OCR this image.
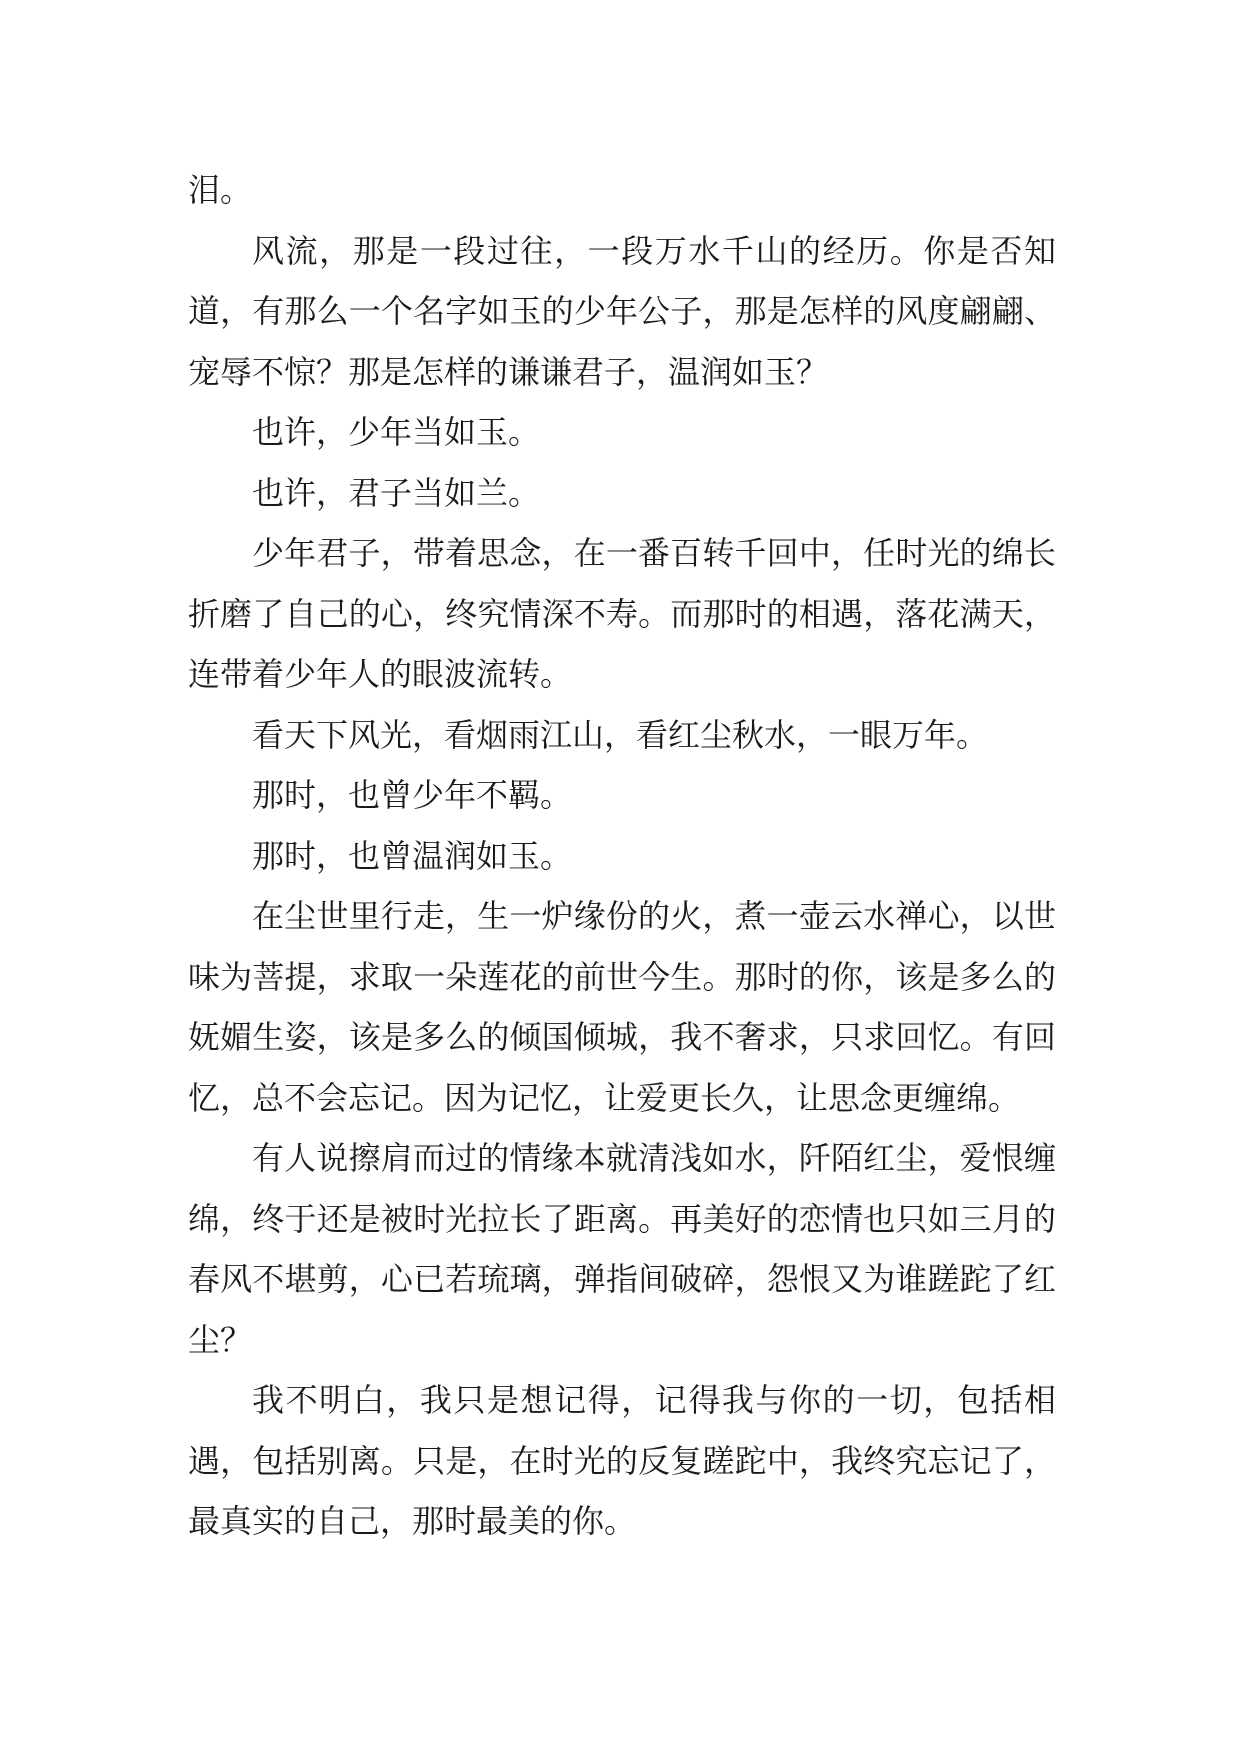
泪。

风流，那是一段过往，一段万水千山的经历。你是否知道，有那么一个名字如玉的少年公子，那是怎样的风度翩翩、宠辱不惊？那是怎样的谦谦君子，温润如玉？

也许，少年当如玉。

也许，君子当如兰。

少年君子，带着思念，在一番百转千回中，任时光的绵长折磨了自己的心，终究情深不寿。而那时的相遇，落花满天，连带着少年人的眼波流转。

看天下风光，看烟雨江山，看红尘秋水，一眼万年。

那时，也曾少年不羁。

那时，也曾温润如玉。

在尘世里行走，生一炉缘份的火，煮一壶云水禅心，以世味为菩提，求取一朵莲花的前世今生。那时的你，该是多么的妩媚生姿，该是多么的倾国倾城，我不奢求，只求回忆。有回忆，总不会忘记。因为记忆，让爱更长久，让思念更缠绵。

有人说擦肩而过的情缘本就清浅如水，阡陌红尘，爱恨缠绵，终于还是被时光拉长了距离。再美好的恋情也只如三月的春风不堪剪，心已若琉璃，弹指间破碎，怨恨又为谁蹉跎了红尘？

我不明白，我只是想记得，记得我与你的一切，包括相遇，包括别离。只是，在时光的反复蹉跎中，我终究忘记了，最真实的自己，那时最美的你。
